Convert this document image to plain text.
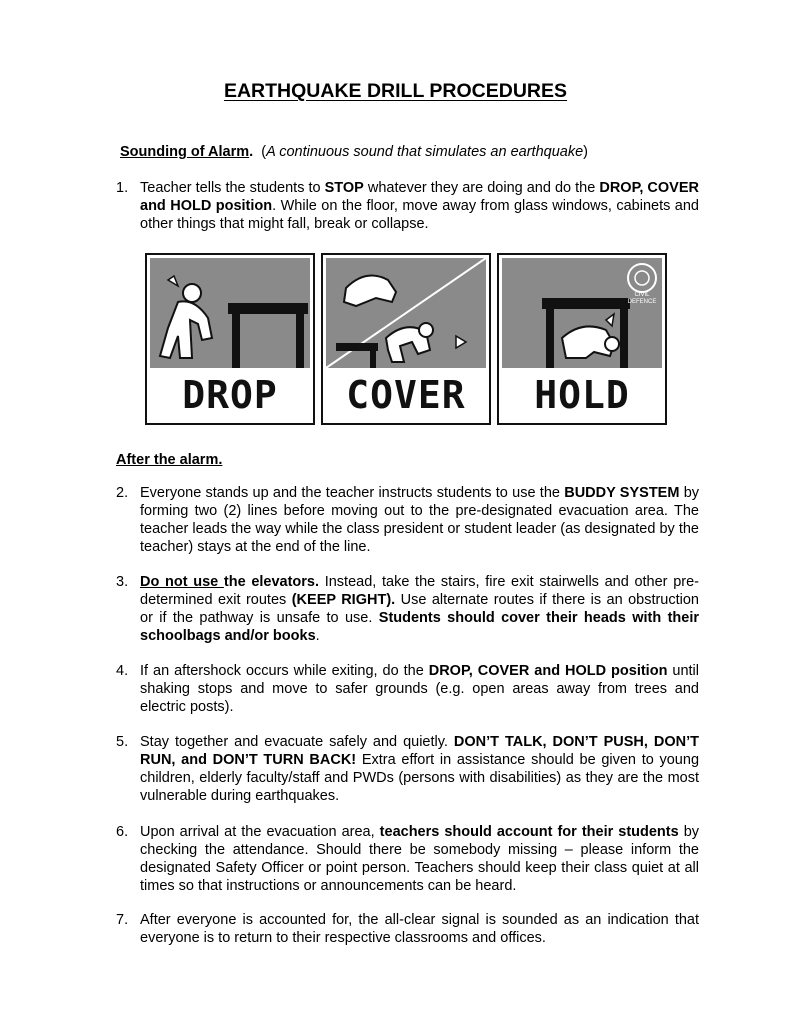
EARTHQUAKE DRILL PROCEDURES
Sounding of Alarm.  (A continuous sound that simulates an earthquake)
1. Teacher tells the students to STOP whatever they are doing and do the DROP, COVER and HOLD position. While on the floor, move away from glass windows, cabinets and other things that might fall, break or collapse.
DROP	COVER
CIVIL
DEFENCE
HOLD
After the alarm.
2. Everyone stands up and the teacher instructs students to use the BUDDY SYSTEM by forming two (2) lines before moving out to the pre-designated evacuation area. The teacher leads the way while the class president or student leader (as designated by the teacher) stays at the end of the line.
3. Do not use the elevators. Instead, take the stairs, fire exit stairwells and other pre-determined exit routes (KEEP RIGHT). Use alternate routes if there is an obstruction or if the pathway is unsafe to use. Students should cover their heads with their schoolbags and/or books.
4. If an aftershock occurs while exiting, do the DROP, COVER and HOLD position until shaking stops and move to safer grounds (e.g. open areas away from trees and electric posts).
5. Stay together and evacuate safely and quietly. DON’T TALK, DON’T PUSH, DON’T RUN, and DON’T TURN BACK! Extra effort in assistance should be given to young children, elderly faculty/staff and PWDs (persons with disabilities) as they are the most vulnerable during earthquakes.
6. Upon arrival at the evacuation area, teachers should account for their students by checking the attendance. Should there be somebody missing – please inform the designated Safety Officer or point person. Teachers should keep their class quiet at all times so that instructions or announcements can be heard.
7. After everyone is accounted for, the all-clear signal is sounded as an indication that everyone is to return to their respective classrooms and offices.
